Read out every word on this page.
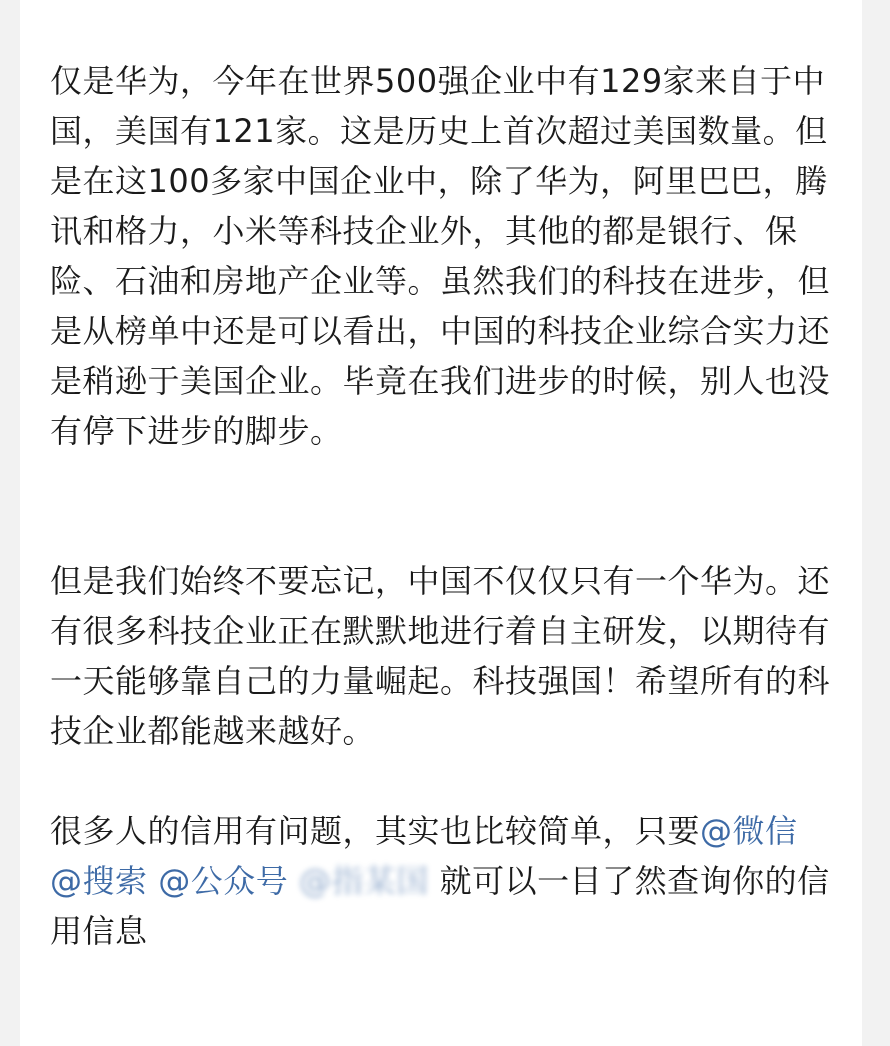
仅是华为，今年在世界500强企业中有129家来自于中国，美国有121家。这是历史上首次超过美国数量。但是在这100多家中国企业中，除了华为，阿里巴巴，腾讯和格力，小米等科技企业外，其他的都是银行、保险、石油和房地产企业等。虽然我们的科技在进步，但是从榜单中还是可以看出，中国的科技企业综合实力还是稍逊于美国企业。毕竟在我们进步的时候，别人也没有停下进步的脚步。

但是我们始终不要忘记，中国不仅仅只有一个华为。还有很多科技企业正在默默地进行着自主研发，以期待有一天能够靠自己的力量崛起。科技强国！希望所有的科技企业都能越来越好。

很多人的信用有问题，其实也比较简单，只要@微信 @搜索 @公众号 @指某国 就可以一目了然查询你的信用信息
